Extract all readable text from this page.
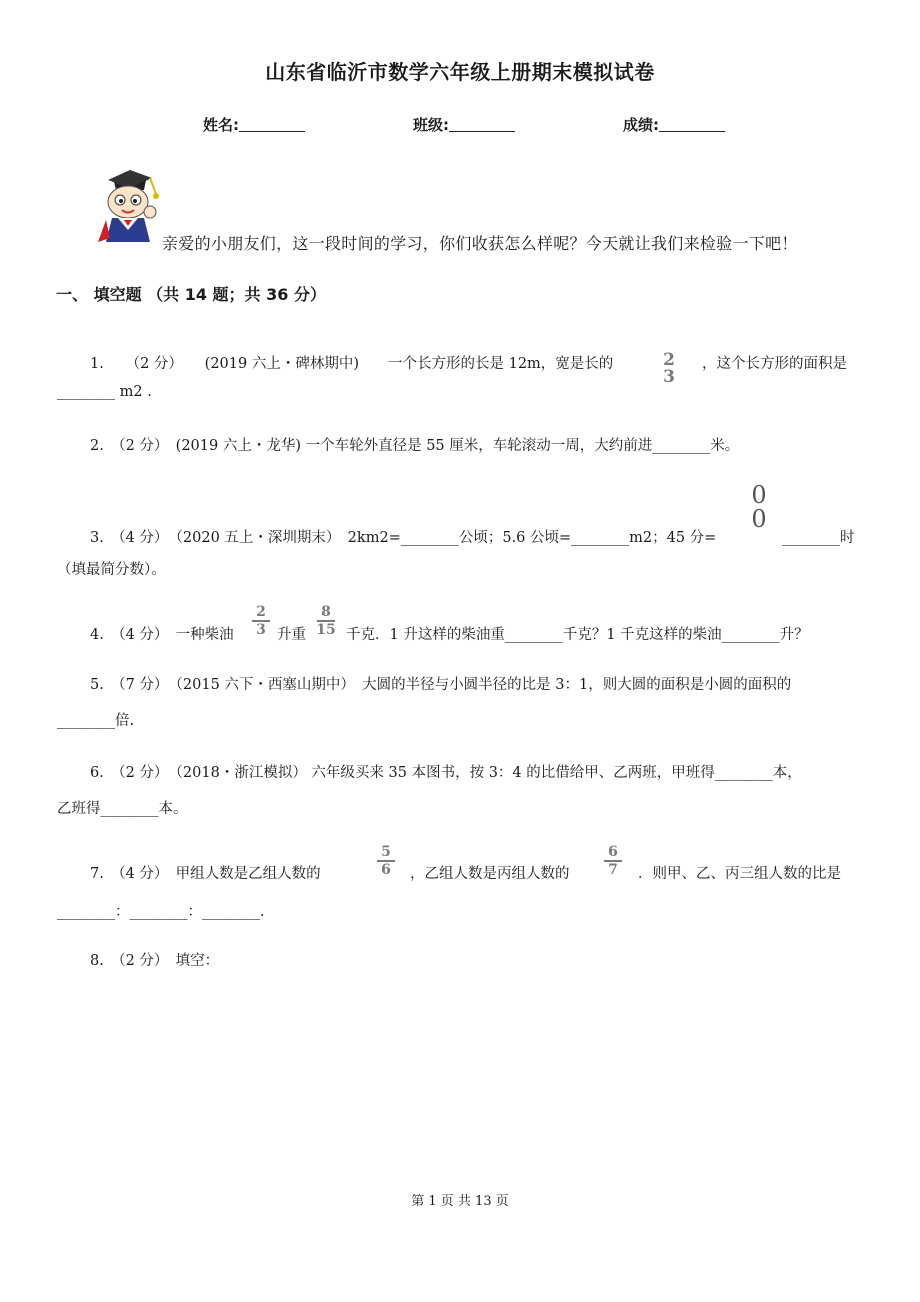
山东省临沂市数学六年级上册期末模拟试卷
姓名:	班级:	成绩:
亲爱的小朋友们，这一段时间的学习，你们收获怎么样呢？今天就让我们来检验一下吧！
一、 填空题 （共 14 题；共 36 分）
1.　　（2 分）　　(2019 六上・碑林期中)　　一个长方形的长是 12m，宽是长的	2
3
，这个长方形的面积是
________ m2 .
2.　（2 分）　(2019 六上・龙华) 一个车轮外直径是 55 厘米，车轮滚动一周，大约前进________米。
3.　（4 分）　（2020 五上・深圳期末）　2km2=________公顷；5.6 公顷=________m2；45 分=
0
0
________时
（填最简分数）。
4.　（4 分）　一种柴油
2
3 升重
8
15 千克．1 升这样的柴油重________千克？1 千克这样的柴油________升？
5.　（7 分）　（2015 六下・西塞山期中）　大圆的半径与小圆半径的比是 3：1，则大圆的面积是小圆的面积的
________倍.
6.　（2 分）　（2018・浙江模拟） 六年级买来 35 本图书，按 3：4 的比借给甲、乙两班，甲班得________本，
乙班得________本。
7.　（4 分）　甲组人数是乙组人数的
5
6	，乙组人数是丙组人数的
6
7	．则甲、乙、丙三组人数的比是
________：________：________.
8.　（2 分）　填空：
第 1 页 共 13 页
